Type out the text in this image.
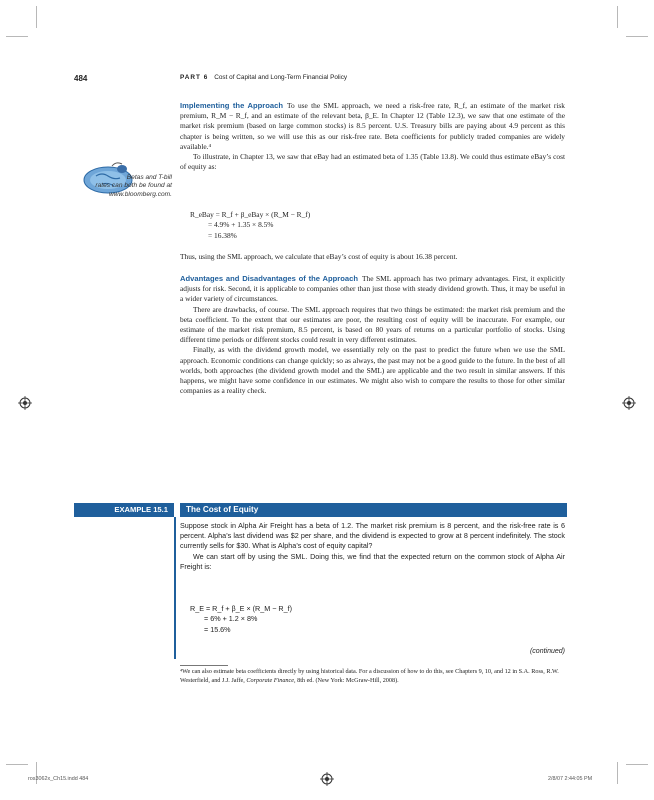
484	PART 6 Cost of Capital and Long-Term Financial Policy
Betas and T-bill
rates can both be found at
www.bloomberg.com.

Implementing the Approach To use the SML approach, we need a risk-free rate, R_f, an estimate of the market risk premium, R_M − R_f, and an estimate of the relevant beta, β_E. In Chapter 12 (Table 12.3), we saw that one estimate of the market risk premium (based on large common stocks) is 8.5 percent. U.S. Treasury bills are paying about 4.9 percent as this chapter is being written, so we will use this as our risk-free rate. Beta coefficients for publicly traded companies are widely available.⁴

To illustrate, in Chapter 13, we saw that eBay had an estimated beta of 1.35 (Table 13.8). We could thus estimate eBay’s cost of equity as:

R_eBay = R_f + β_eBay × (R_M − R_f)
= 4.9% + 1.35 × 8.5%
= 16.38%

Thus, using the SML approach, we calculate that eBay’s cost of equity is about 16.38 percent.

Advantages and Disadvantages of the Approach The SML approach has two primary advantages. First, it explicitly adjusts for risk. Second, it is applicable to companies other than just those with steady dividend growth. Thus, it may be useful in a wider variety of circumstances.

There are drawbacks, of course. The SML approach requires that two things be estimated: the market risk premium and the beta coefficient. To the extent that our estimates are poor, the resulting cost of equity will be inaccurate. For example, our estimate of the market risk premium, 8.5 percent, is based on 80 years of returns on a particular portfolio of stocks. Using different time periods or different stocks could result in very different estimates.

Finally, as with the dividend growth model, we essentially rely on the past to predict the future when we use the SML approach. Economic conditions can change quickly; so as always, the past may not be a good guide to the future. In the best of all worlds, both approaches (the dividend growth model and the SML) are applicable and the two result in similar answers. If this happens, we might have some confidence in our estimates. We might also wish to compare the results to those for other similar companies as a reality check.

EXAMPLE 15.1	The Cost of Equity

Suppose stock in Alpha Air Freight has a beta of 1.2. The market risk premium is 8 percent, and the risk-free rate is 6 percent. Alpha’s last dividend was $2 per share, and the dividend is expected to grow at 8 percent indefinitely. The stock currently sells for $30. What is Alpha’s cost of equity capital?

We can start off by using the SML. Doing this, we find that the expected return on the common stock of Alpha Air Freight is:

R_E = R_f + β_E × (R_M − R_f)
= 6% + 1.2 × 8%
= 15.6%
(continued)
⁴We can also estimate beta coefficients directly by using historical data. For a discussion of how to do this, see Chapters 9, 10, and 12 in S.A. Ross, R.W. Westerfield, and J.J. Jaffe, Corporate Finance, 8th ed. (New York: McGraw-Hill, 2008).
ros3062x_Ch15.indd 484	2/8/07 2:44:05 PM
